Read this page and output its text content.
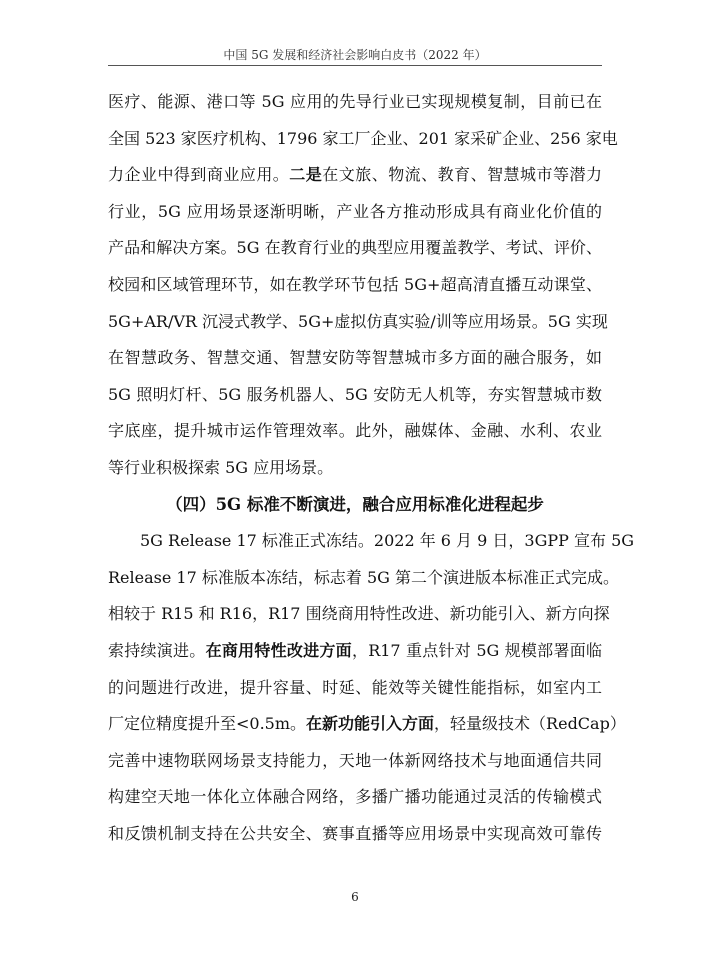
中国 5G 发展和经济社会影响白皮书（2022 年）
医疗、能源、港口等 5G 应用的先导行业已实现规模复制，目前已在
全国 523 家医疗机构、1796 家工厂企业、201 家采矿企业、256 家电
力企业中得到商业应用。二是在文旅、物流、教育、智慧城市等潜力
行业，5G 应用场景逐渐明晰，产业各方推动形成具有商业化价值的
产品和解决方案。5G 在教育行业的典型应用覆盖教学、考试、评价、
校园和区域管理环节，如在教学环节包括 5G+超高清直播互动课堂、
5G+AR/VR 沉浸式教学、5G+虚拟仿真实验/训等应用场景。5G 实现
在智慧政务、智慧交通、智慧安防等智慧城市多方面的融合服务，如
5G 照明灯杆、5G 服务机器人、5G 安防无人机等，夯实智慧城市数
字底座，提升城市运作管理效率。此外，融媒体、金融、水利、农业
等行业积极探索 5G 应用场景。
（四）5G 标准不断演进，融合应用标准化进程起步
5G Release 17 标准正式冻结。2022 年 6 月 9 日，3GPP 宣布 5G
Release 17 标准版本冻结，标志着 5G 第二个演进版本标准正式完成。
相较于 R15 和 R16，R17 围绕商用特性改进、新功能引入、新方向探
索持续演进。在商用特性改进方面，R17 重点针对 5G 规模部署面临
的问题进行改进，提升容量、时延、能效等关键性能指标，如室内工
厂定位精度提升至<0.5m。在新功能引入方面，轻量级技术（RedCap）
完善中速物联网场景支持能力，天地一体新网络技术与地面通信共同
构建空天地一体化立体融合网络，多播广播功能通过灵活的传输模式
和反馈机制支持在公共安全、赛事直播等应用场景中实现高效可靠传
6
